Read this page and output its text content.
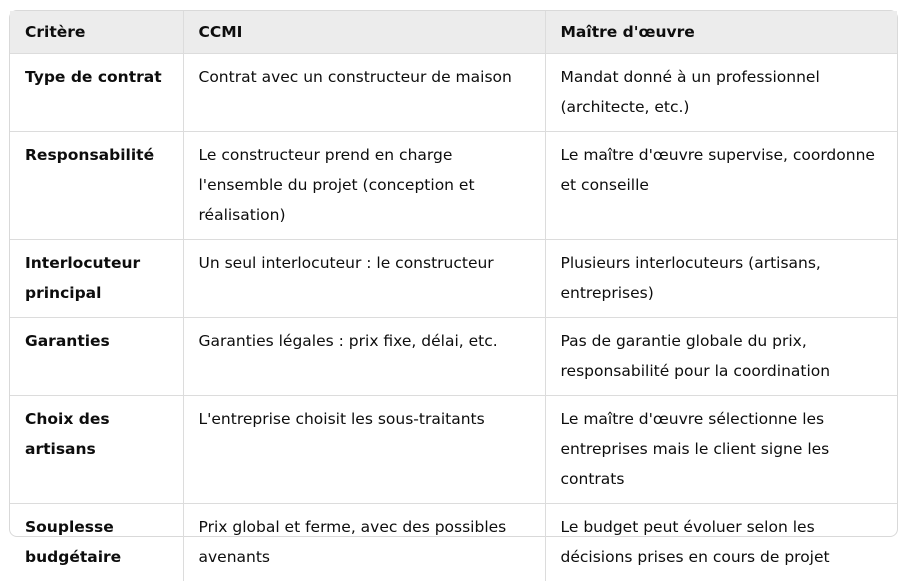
Critère	CCMI	Maître d'œuvre
Type de contrat	Contrat avec un constructeur de maison	Mandat donné à un professionnel (architecte, etc.)
Responsabilité	Le constructeur prend en charge l'ensemble du projet (conception et réalisation)	Le maître d'œuvre supervise, coordonne et conseille
Interlocuteur principal	Un seul interlocuteur : le constructeur	Plusieurs interlocuteurs (artisans, entreprises)
Garanties	Garanties légales : prix fixe, délai, etc.	Pas de garantie globale du prix, responsabilité pour la coordination
Choix des artisans	L'entreprise choisit les sous-traitants	Le maître d'œuvre sélectionne les entreprises mais le client signe les contrats
Souplesse budgétaire	Prix global et ferme, avec des possibles avenants	Le budget peut évoluer selon les décisions prises en cours de projet
